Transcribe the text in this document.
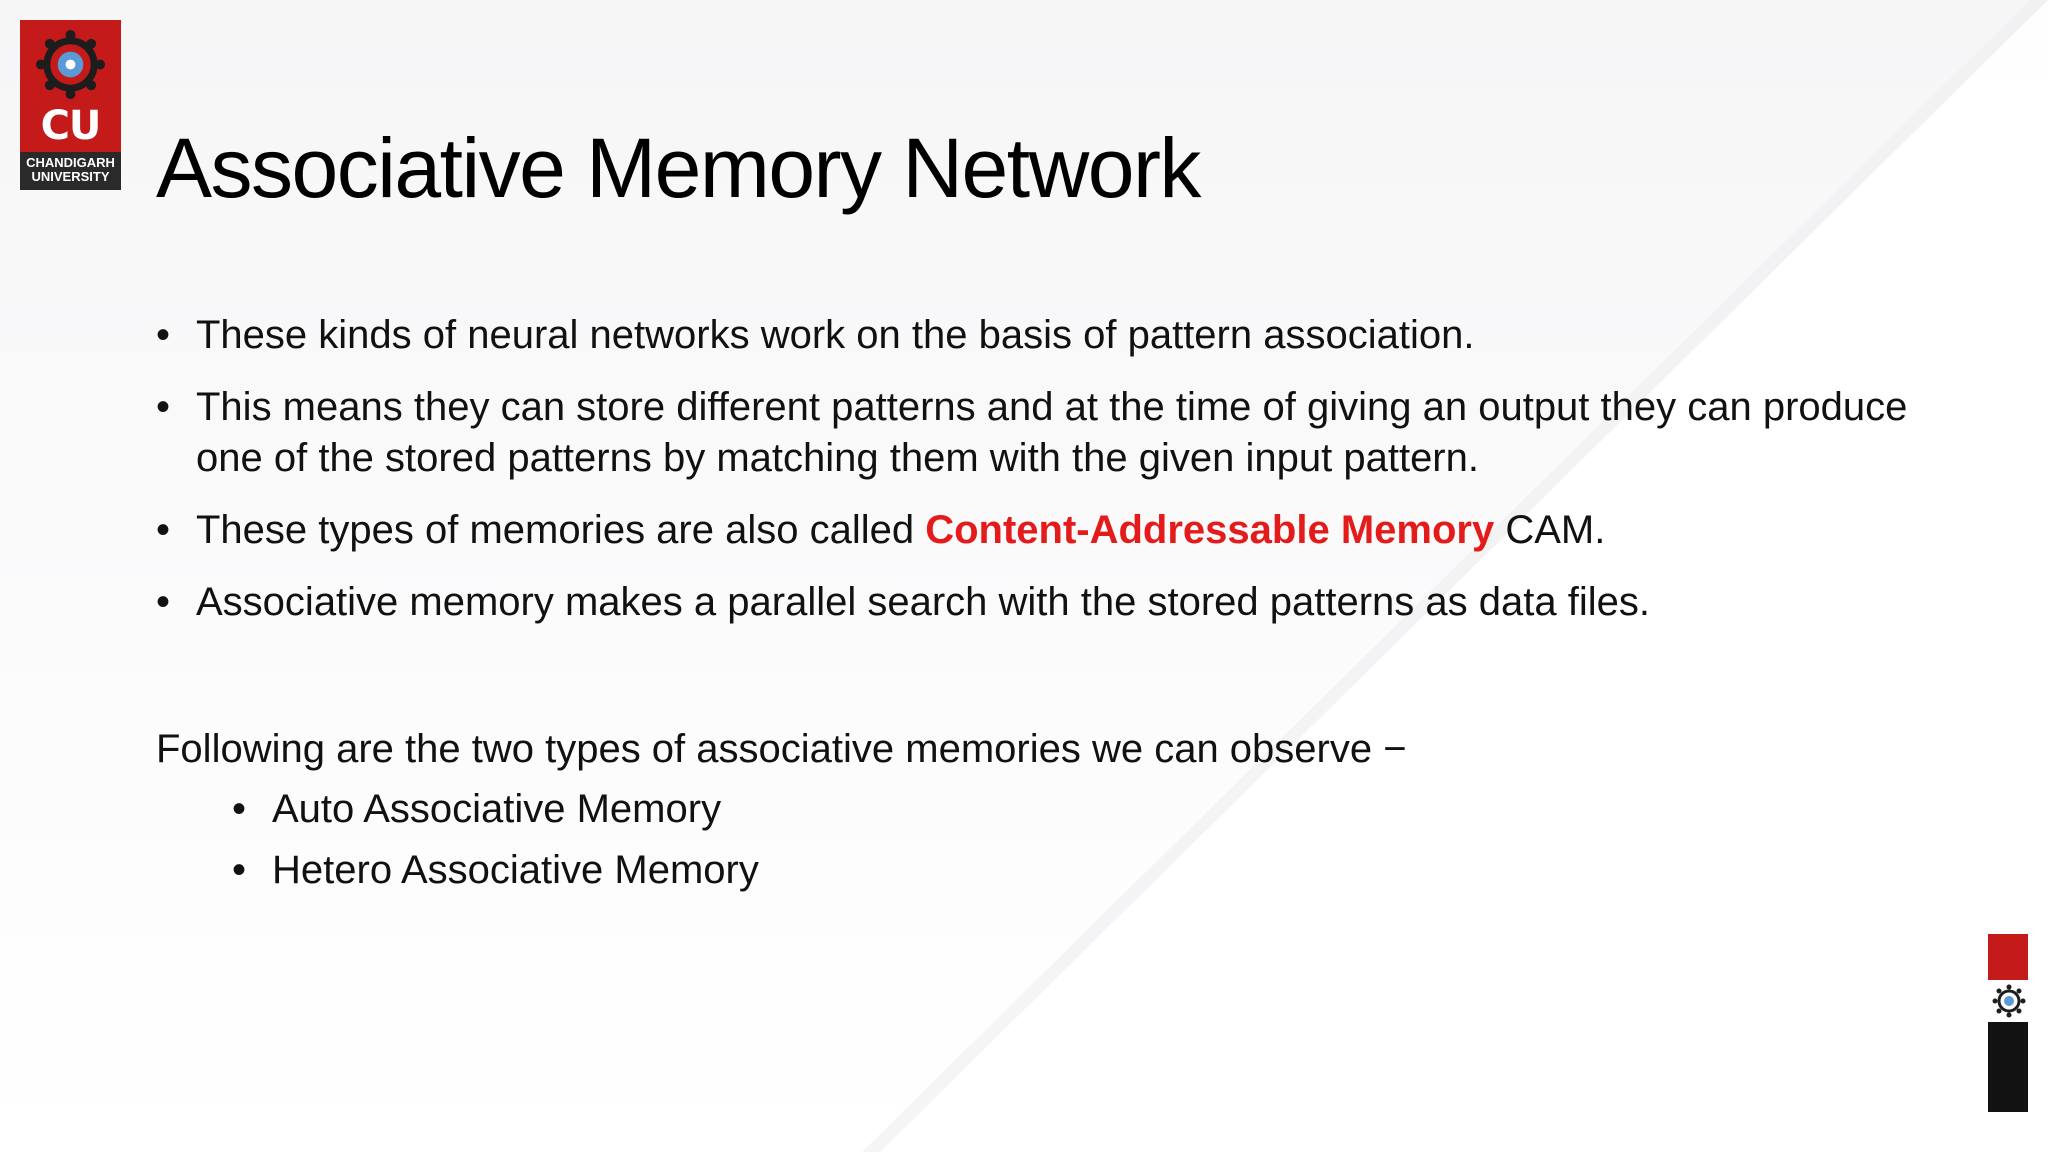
CU
CHANDIGARH
UNIVERSITY Associative Memory Network
• These kinds of neural networks work on the basis of pattern association.
• This means they can store different patterns and at the time of giving an output they can produce one of the stored patterns by matching them with the given input pattern.
• These types of memories are also called Content-Addressable Memory CAM.
• Associative memory makes a parallel search with the stored patterns as data files.

Following are the two types of associative memories we can observe −

• Auto Associative Memory
• Hetero Associative Memory
